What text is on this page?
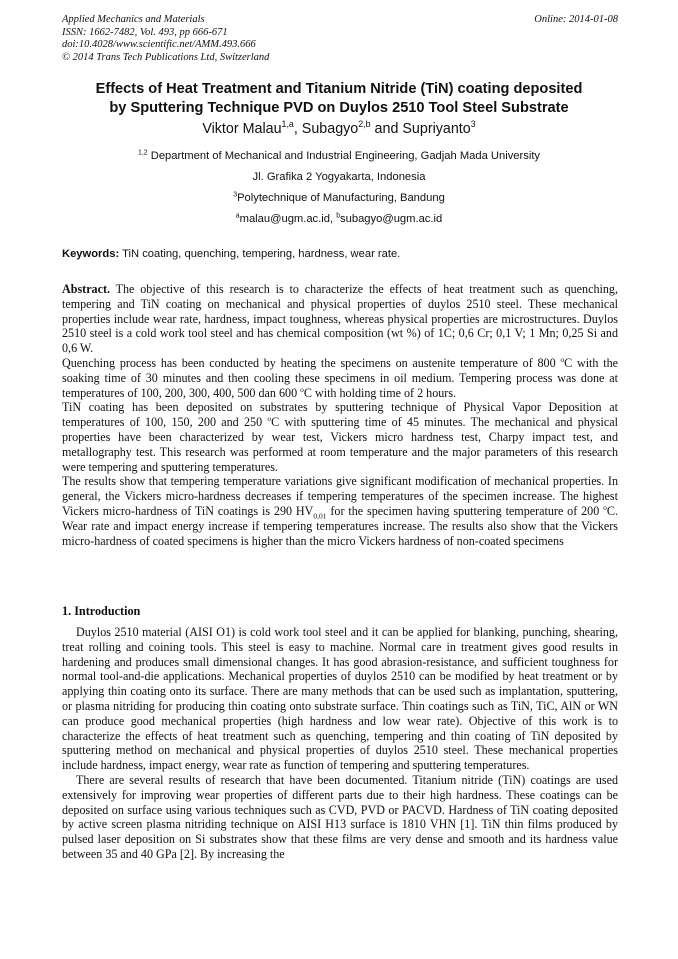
Applied Mechanics and Materials
ISSN: 1662-7482, Vol. 493, pp 666-671
doi:10.4028/www.scientific.net/AMM.493.666
© 2014 Trans Tech Publications Ltd, Switzerland
Online: 2014-01-08
Effects of Heat Treatment and Titanium Nitride (TiN) coating deposited
by Sputtering Technique PVD on Duylos 2510 Tool Steel Substrate
Viktor Malau$^{1,a}$, Subagyo$^{2,b}$ and Supriyanto$^3$
$^{1,2}$ Department of Mechanical and Industrial Engineering, Gadjah Mada University
Jl. Grafika 2 Yogyakarta, Indonesia
$^3$Polytechnique of Manufacturing, Bandung
$^a$malau@ugm.ac.id, $^b$subagyo@ugm.ac.id
Keywords: TiN coating, quenching, tempering, hardness, wear rate.

Abstract. The objective of this research is to characterize the effects of heat treatment such as quenching, tempering and TiN coating on mechanical and physical properties of duylos 2510 steel. These mechanical properties include wear rate, hardness, impact toughness, whereas physical properties are microstructures. Duylos 2510 steel is a cold work tool steel and has chemical composition (wt %) of 1C; 0,6 Cr; 0,1 V; 1 Mn; 0,25 Si and 0,6 W.

Quenching process has been conducted by heating the specimens on austenite temperature of 800 $^o$C with the soaking time of 30 minutes and then cooling these specimens in oil medium. Tempering process was done at temperatures of 100, 200, 300, 400, 500 dan 600 $^o$C with holding time of 2 hours.

TiN coating has been deposited on substrates by sputtering technique of Physical Vapor Deposition at temperatures of 100, 150, 200 and 250 $^o$C with sputtering time of 45 minutes. The mechanical and physical properties have been characterized by wear test, Vickers micro hardness test, Charpy impact test, and metallography test. This research was performed at room temperature and the major parameters of this research were tempering and sputtering temperatures.

The results show that tempering temperature variations give significant modification of mechanical properties. In general, the Vickers micro-hardness decreases if tempering temperatures of the specimen increase. The highest Vickers micro-hardness of TiN coatings is 290 $HV_{0,01}$ for the specimen having sputtering temperature of 200 $^o$C. Wear rate and impact energy increase if tempering temperatures increase. The results also show that the Vickers micro-hardness of coated specimens is higher than the micro Vickers hardness of non-coated specimens

1. Introduction

Duylos 2510 material (AISI O1) is cold work tool steel and it can be applied for blanking, punching, shearing, treat rolling and coining tools. This steel is easy to machine. Normal care in treatment gives good results in hardening and produces small dimensional changes. It has good abrasion-resistance, and sufficient toughness for normal tool-and-die applications. Mechanical properties of duylos 2510 can be modified by heat treatment or by applying thin coating onto its surface. There are many methods that can be used such as implantation, sputtering, or plasma nitriding for producing thin coating onto substrate surface. Thin coatings such as TiN, TiC, AlN or WN can produce good mechanical properties (high hardness and low wear rate). Objective of this work is to characterize the effects of heat treatment such as quenching, tempering and thin coating of TiN deposited by sputtering method on mechanical and physical properties of duylos 2510 steel. These mechanical properties include hardness, impact energy, wear rate as function of tempering and sputtering temperatures.

There are several results of research that have been documented. Titanium nitride (TiN) coatings are used extensively for improving wear properties of different parts due to their high hardness. These coatings can be deposited on surface using various techniques such as CVD, PVD or PACVD. Hardness of TiN coating deposited by active screen plasma nitriding technique on AISI H13 surface is 1810 VHN [1]. TiN thin films produced by pulsed laser deposition on Si substrates show that these films are very dense and smooth and its hardness value between 35 and 40 GPa [2]. By increasing the
